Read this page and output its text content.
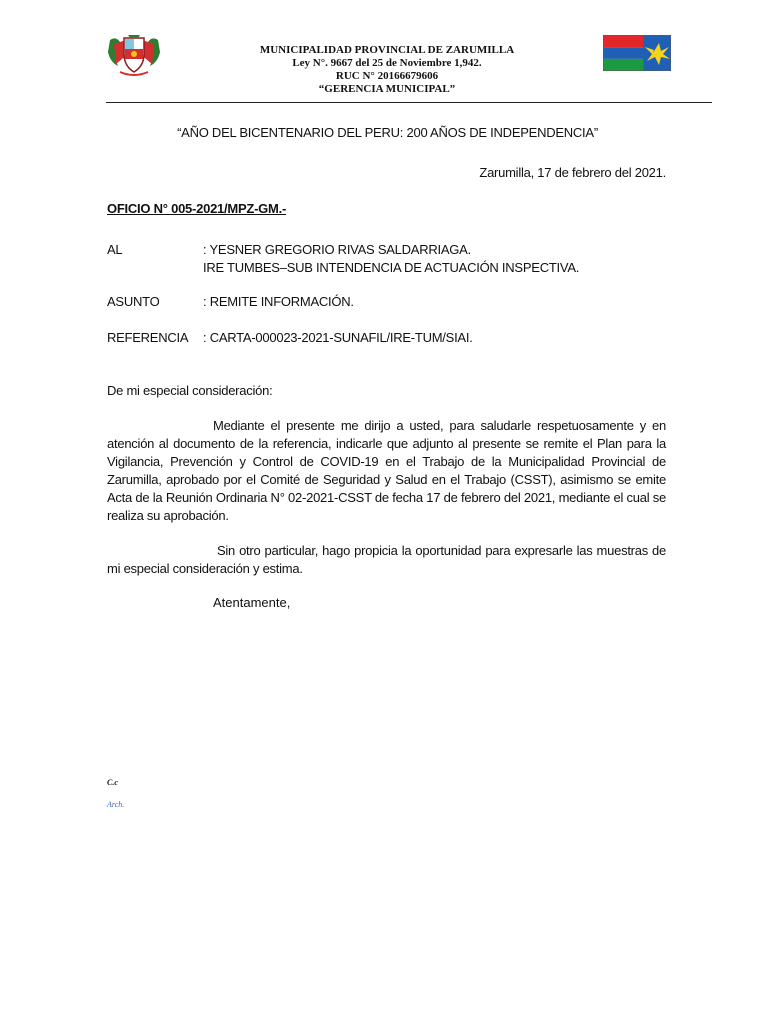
MUNICIPALIDAD PROVINCIAL DE ZARUMILLA
Ley N°. 9667 del 25 de Noviembre 1,942.
RUC N° 20166679606
“GERENCIA MUNICIPAL”
“AÑO DEL BICENTENARIO DEL PERU: 200 AÑOS DE INDEPENDENCIA”
Zarumilla, 17 de febrero del 2021.
OFICIO N° 005-2021/MPZ-GM.-
AL	: YESNER GREGORIO RIVAS SALDARRIAGA.
IRE TUMBES–SUB INTENDENCIA DE ACTUACIÓN INSPECTIVA.
ASUNTO	: REMITE INFORMACIÓN.
REFERENCIA : CARTA-000023-2021-SUNAFIL/IRE-TUM/SIAI.
De mi especial consideración:
Mediante el presente me dirijo a usted, para saludarle respetuosamente y en atención al documento de la referencia, indicarle que adjunto al presente se remite el Plan para la Vigilancia, Prevención y Control de COVID-19 en el Trabajo de la Municipalidad Provincial de Zarumilla, aprobado por el Comité de Seguridad y Salud en el Trabajo (CSST), asimismo se emite Acta de la Reunión Ordinaria N° 02-2021-CSST de fecha 17 de febrero del 2021, mediante el cual se realiza su aprobación.
Sin otro particular, hago propicia la oportunidad para expresarle las muestras de mi especial consideración y estima.
Atentamente,
C.c
Arch.
